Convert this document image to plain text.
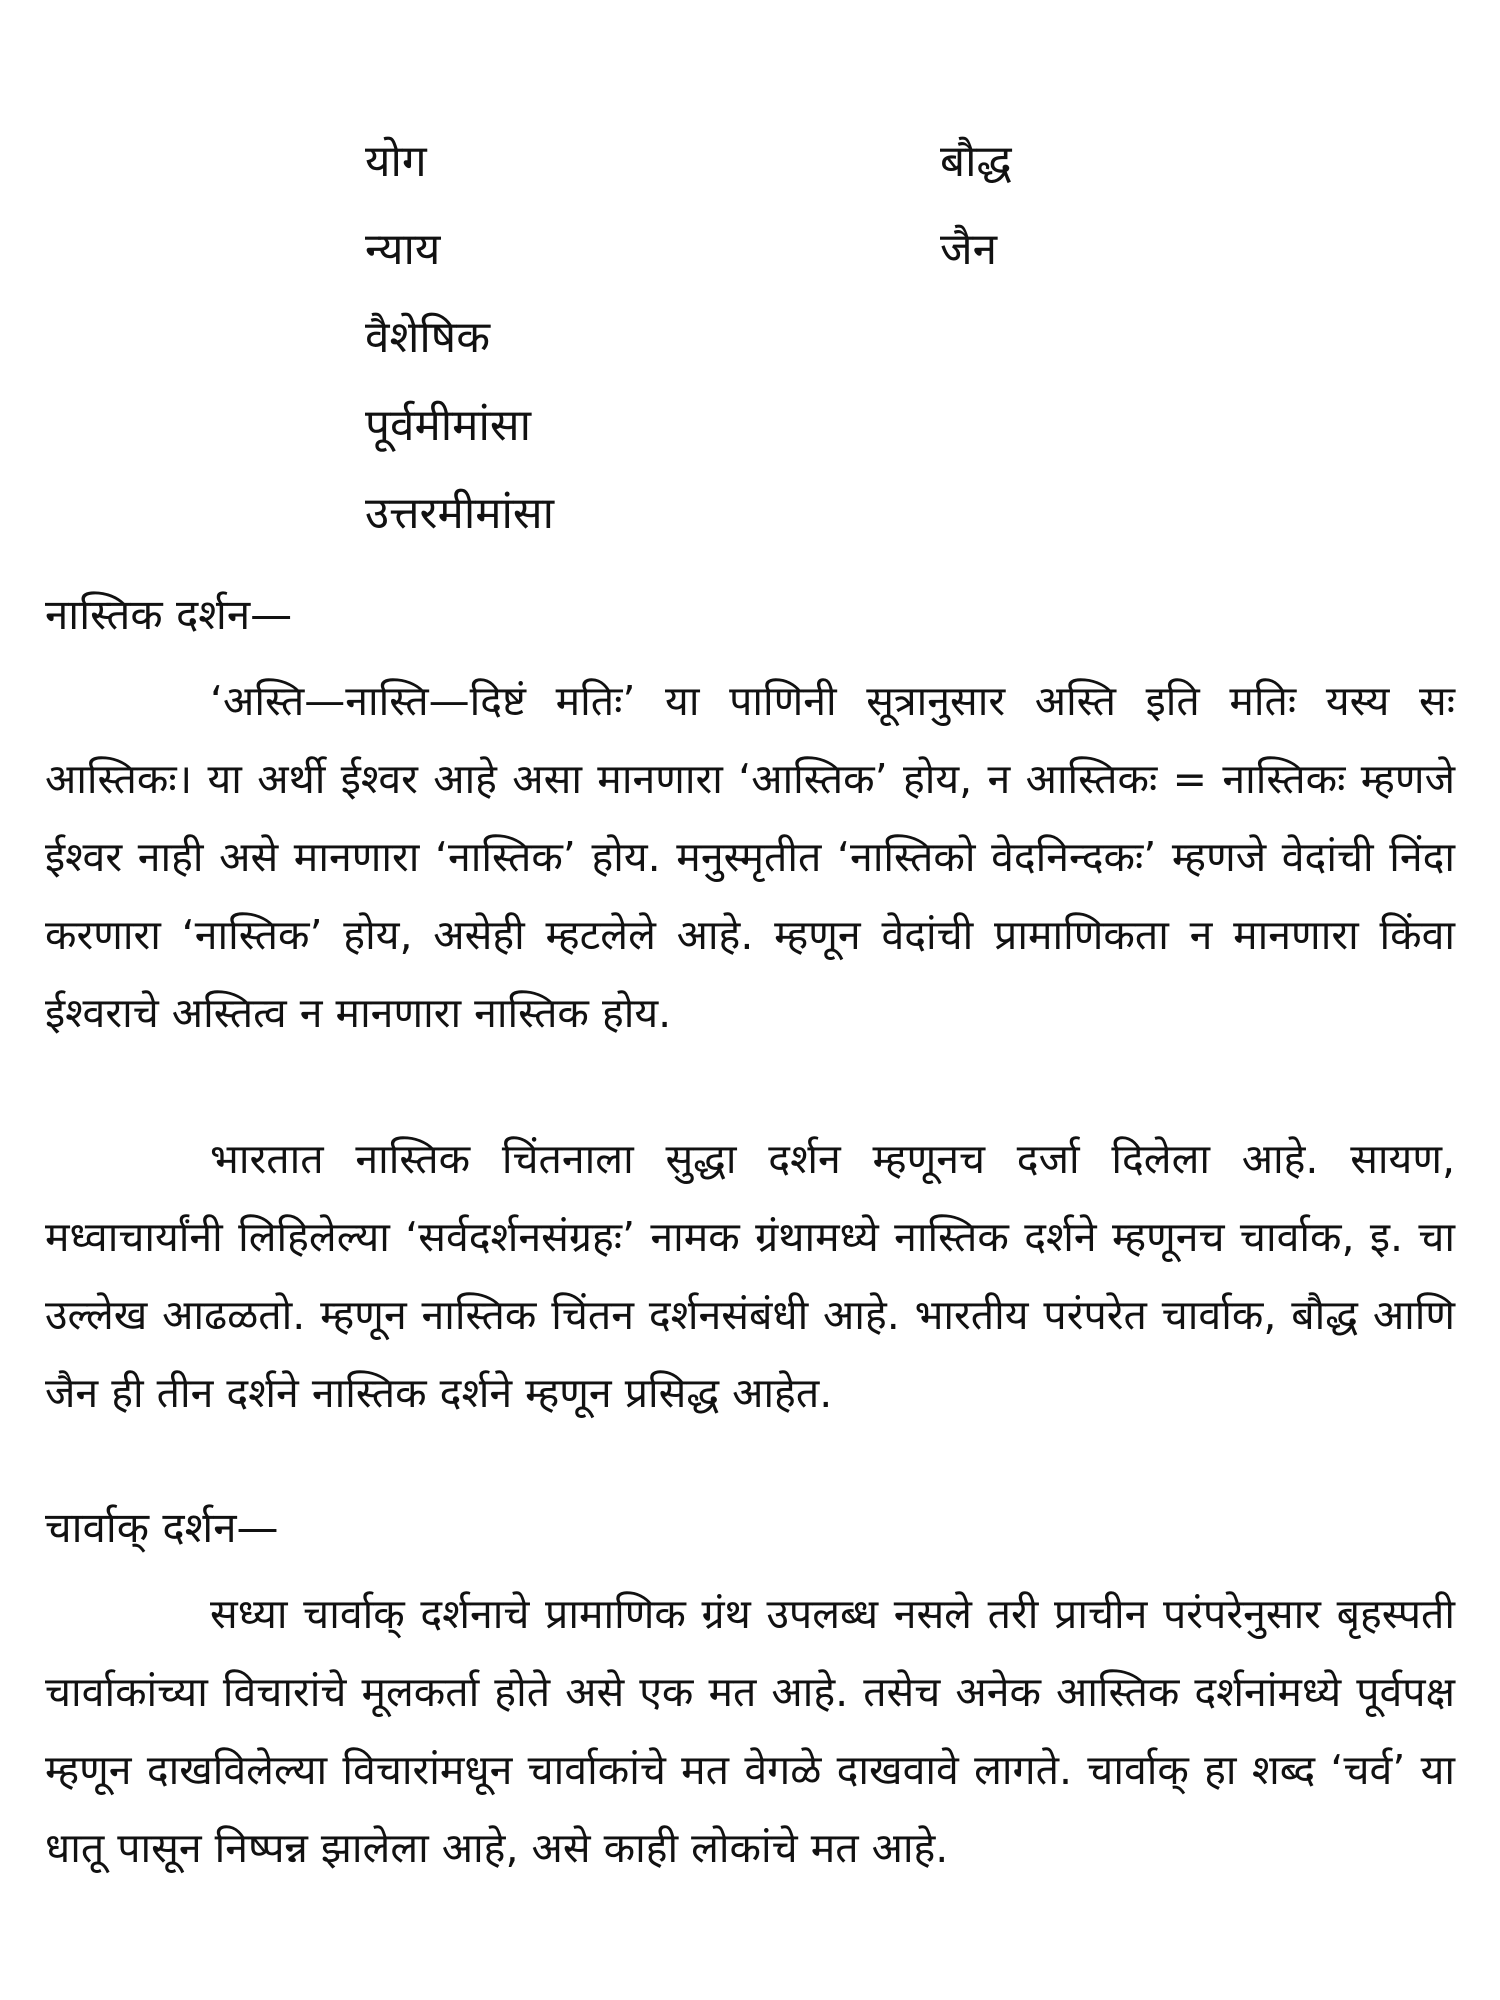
योग
न्याय
वैशेषिक
पूर्वमीमांसा
उत्तरमीमांसा
बौद्ध
जैन
नास्तिक दर्शन—

‘अस्ति—नास्ति—दिष्टं मतिः’ या पाणिनी सूत्रानुसार अस्ति इति मतिः यस्य सः आस्तिकः। या अर्थी ईश्वर आहे असा मानणारा ‘आस्तिक’ होय, न आस्तिकः = नास्तिकः म्हणजे ईश्वर नाही असे मानणारा ‘नास्तिक’ होय. मनुस्मृतीत ‘नास्तिको वेदनिन्दकः’ म्हणजे वेदांची निंदा करणारा ‘नास्तिक’ होय, असेही म्हटलेले आहे. म्हणून वेदांची प्रामाणिकता न मानणारा किंवा ईश्वराचे अस्तित्व न मानणारा नास्तिक होय.

भारतात नास्तिक चिंतनाला सुद्धा दर्शन म्हणूनच दर्जा दिलेला आहे. सायण, मध्वाचार्यांनी लिहिलेल्या ‘सर्वदर्शनसंग्रहः’ नामक ग्रंथामध्ये नास्तिक दर्शने म्हणूनच चार्वाक, इ. चा उल्लेख आढळतो. म्हणून नास्तिक चिंतन दर्शनसंबंधी आहे. भारतीय परंपरेत चार्वाक, बौद्ध आणि जैन ही तीन दर्शने नास्तिक दर्शने म्हणून प्रसिद्ध आहेत.

चार्वाक् दर्शन—

सध्या चार्वाक् दर्शनाचे प्रामाणिक ग्रंथ उपलब्ध नसले तरी प्राचीन परंपरेनुसार बृहस्पती चार्वाकांच्या विचारांचे मूलकर्ता होते असे एक मत आहे. तसेच अनेक आस्तिक दर्शनांमध्ये पूर्वपक्ष म्हणून दाखविलेल्या विचारांमधून चार्वाकांचे मत वेगळे दाखवावे लागते. चार्वाक् हा शब्द ‘चर्व’ या धातू पासून निष्पन्न झालेला आहे, असे काही लोकांचे मत आहे.
